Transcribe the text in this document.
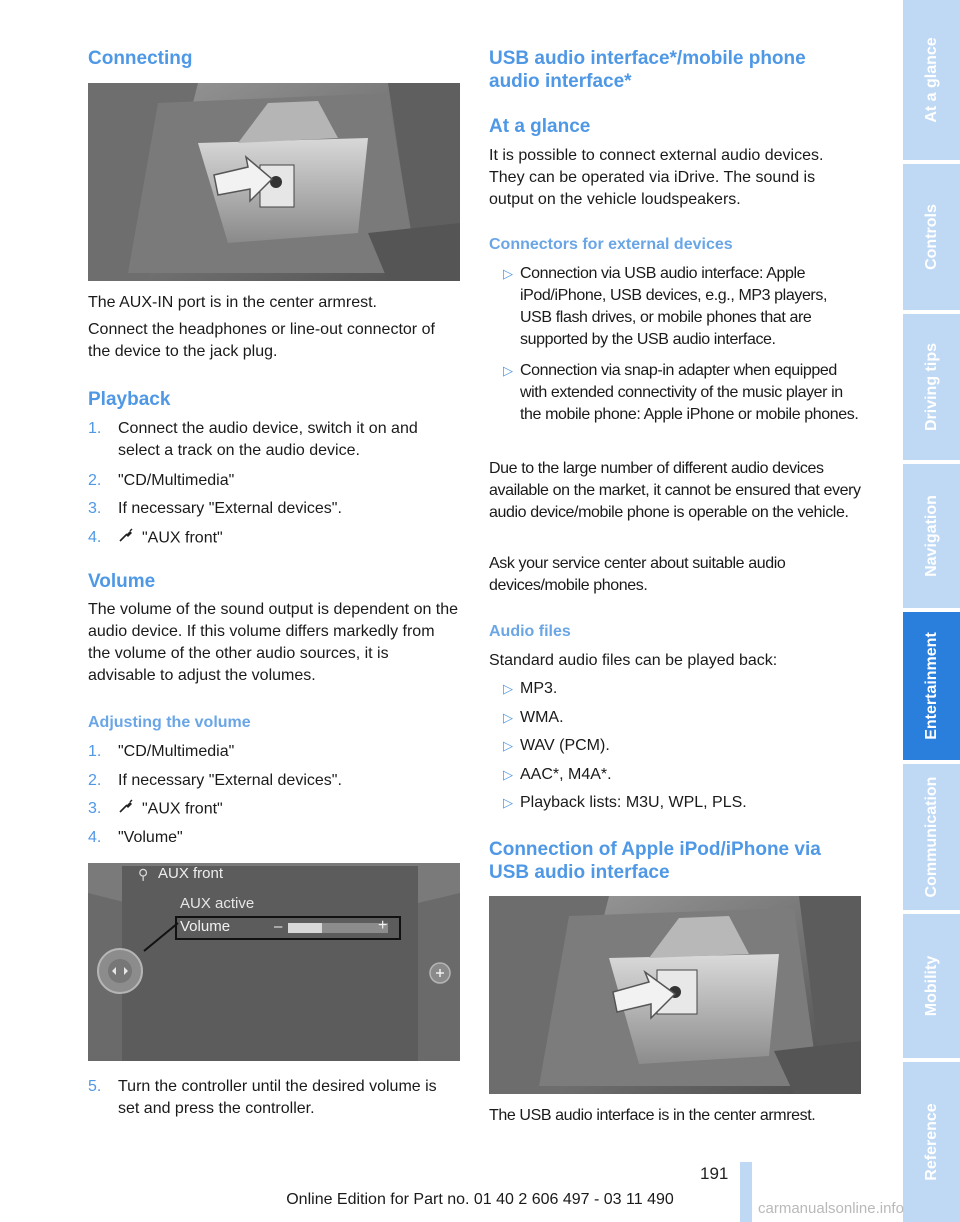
Connecting
The AUX-IN port is in the center armrest.
Connect the headphones or line-out connector of the device to the jack plug.
Playback
1. Connect the audio device, switch it on and select a track on the audio device.
2. "CD/Multimedia"
3. If necessary "External devices".
4.	"AUX front"
Volume
The volume of the sound output is dependent on the audio device. If this volume differs markedly from the volume of the other audio sources, it is advisable to adjust the volumes.
Adjusting the volume
1. "CD/Multimedia"
2. If necessary "External devices".
3.	"AUX front"
4. "Volume"
⚲ AUX front
AUX active
Volume	–	+
5. Turn the controller until the desired volume is set and press the controller.
USB audio interface*/mobile phone audio interface*
At a glance
It is possible to connect external audio devices. They can be operated via iDrive. The sound is output on the vehicle loudspeakers.
Connectors for external devices
▷ Connection via USB audio interface: Apple iPod/iPhone, USB devices, e.g., MP3 players, USB flash drives, or mobile phones that are supported by the USB audio interface.
▷ Connection via snap-in adapter when equipped with extended connectivity of the music player in the mobile phone: Apple iPhone or mobile phones.
Due to the large number of different audio devices available on the market, it cannot be ensured that every audio device/mobile phone is operable on the vehicle.
Ask your service center about suitable audio devices/mobile phones.
Audio files
Standard audio files can be played back:
▷ MP3.
▷ WMA.
▷ WAV (PCM).
▷ AAC*, M4A*.
▷ Playback lists: M3U, WPL, PLS.
Connection of Apple iPod/iPhone via USB audio interface
The USB audio interface is in the center armrest.
At a glance
Controls
Driving tips
Navigation
Entertainment
Communication
Mobility
Reference
191
Online Edition for Part no. 01 40 2 606 497 - 03 11 490
carmanualsonline.info
